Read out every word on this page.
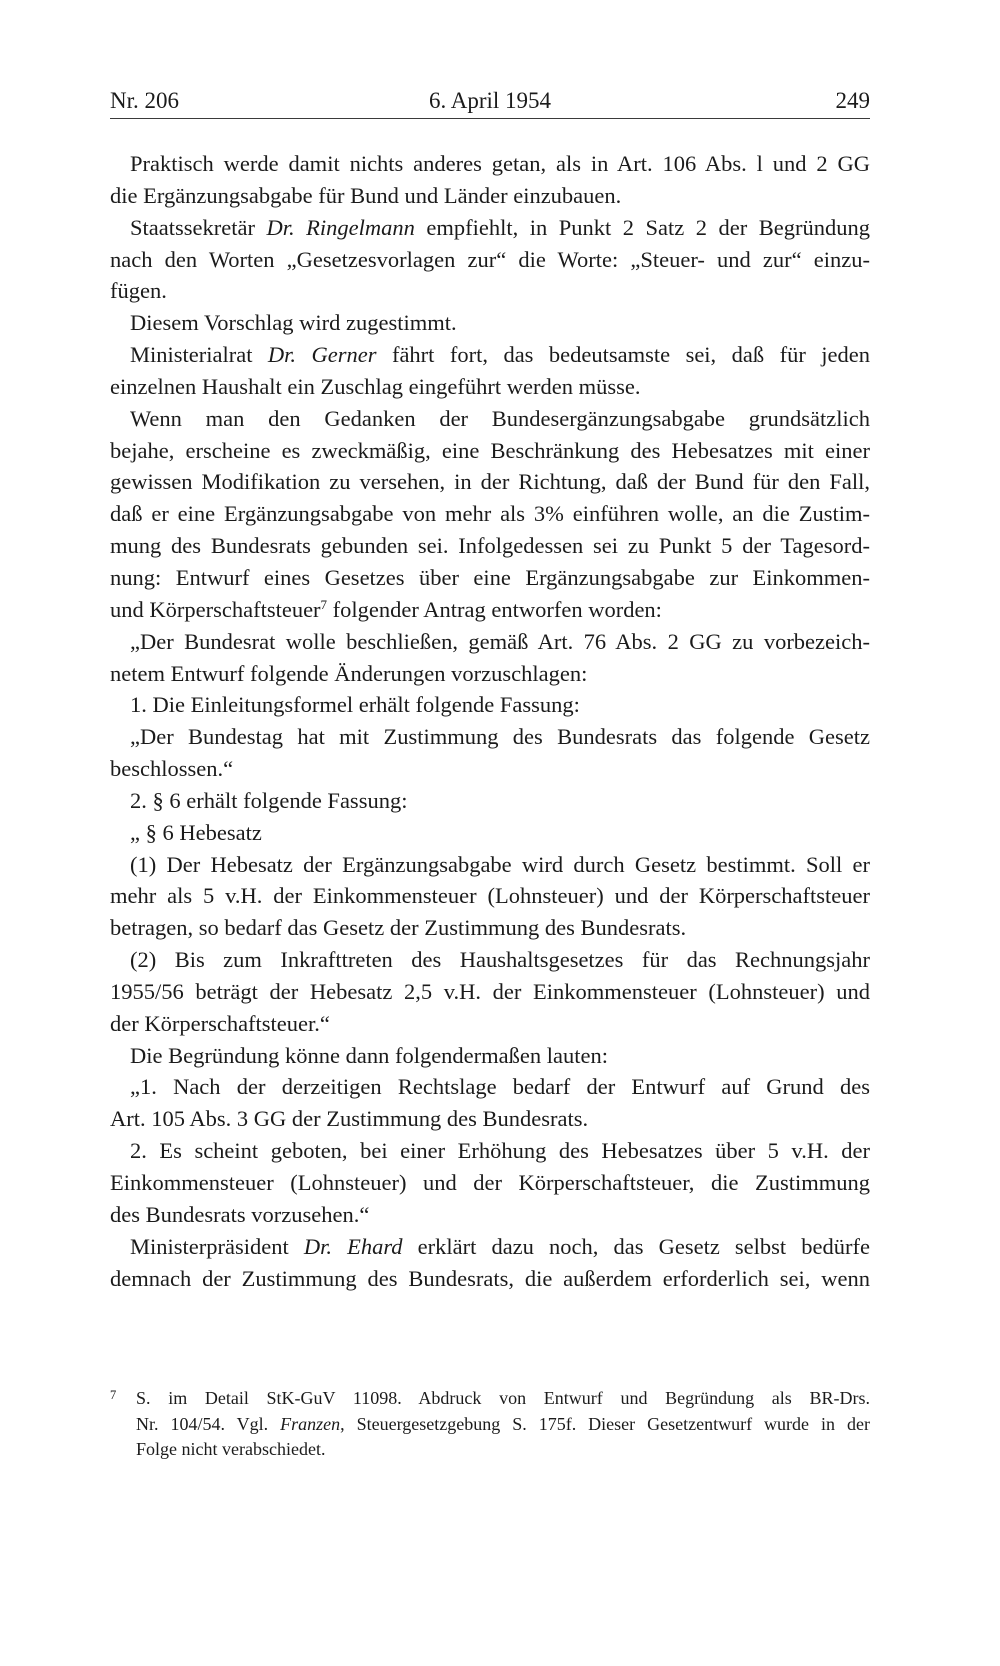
Nr. 206	6. April 1954	249
Praktisch werde damit nichts anderes getan, als in Art. 106 Abs. l und 2 GG
die Ergänzungsabgabe für Bund und Länder einzubauen.
Staatssekretär Dr. Ringelmann empfiehlt, in Punkt 2 Satz 2 der Begründung
nach den Worten „Gesetzesvorlagen zur“ die Worte: „Steuer- und zur“ einzu-
fügen.
Diesem Vorschlag wird zugestimmt.
Ministerialrat Dr. Gerner fährt fort, das bedeutsamste sei, daß für jeden
einzelnen Haushalt ein Zuschlag eingeführt werden müsse.
Wenn man den Gedanken der Bundesergänzungsabgabe grundsätzlich
bejahe, erscheine es zweckmäßig, eine Beschränkung des Hebesatzes mit einer
gewissen Modifikation zu versehen, in der Richtung, daß der Bund für den Fall,
daß er eine Ergänzungsabgabe von mehr als 3% einführen wolle, an die Zustim-
mung des Bundesrats gebunden sei. Infolgedessen sei zu Punkt 5 der Tagesord-
nung: Entwurf eines Gesetzes über eine Ergänzungsabgabe zur Einkommen-
und Körperschaftsteuer$^7$ folgender Antrag entworfen worden:
„Der Bundesrat wolle beschließen, gemäß Art. 76 Abs. 2 GG zu vorbezeich-
netem Entwurf folgende Änderungen vorzuschlagen:
1. Die Einleitungsformel erhält folgende Fassung:
„Der Bundestag hat mit Zustimmung des Bundesrats das folgende Gesetz
beschlossen.“
2. § 6 erhält folgende Fassung:
„ § 6 Hebesatz
(1) Der Hebesatz der Ergänzungsabgabe wird durch Gesetz bestimmt. Soll er
mehr als 5 v.H. der Einkommensteuer (Lohnsteuer) und der Körperschaftsteuer
betragen, so bedarf das Gesetz der Zustimmung des Bundesrats.
(2) Bis zum Inkrafttreten des Haushaltsgesetzes für das Rechnungsjahr
1955/56 beträgt der Hebesatz 2,5 v.H. der Einkommensteuer (Lohnsteuer) und
der Körperschaftsteuer.“
Die Begründung könne dann folgendermaßen lauten:
„1. Nach der derzeitigen Rechtslage bedarf der Entwurf auf Grund des
Art. 105 Abs. 3 GG der Zustimmung des Bundesrats.
2. Es scheint geboten, bei einer Erhöhung des Hebesatzes über 5 v.H. der
Einkommensteuer (Lohnsteuer) und der Körperschaftsteuer, die Zustimmung
des Bundesrats vorzusehen.“
Ministerpräsident Dr. Ehard erklärt dazu noch, das Gesetz selbst bedürfe
demnach der Zustimmung des Bundesrats, die außerdem erforderlich sei, wenn
7 S. im Detail StK-GuV 11098. Abdruck von Entwurf und Begründung als BR-Drs.
Nr. 104/54. Vgl. Franzen, Steuergesetzgebung S. 175f. Dieser Gesetzentwurf wurde in der
Folge nicht verabschiedet.
